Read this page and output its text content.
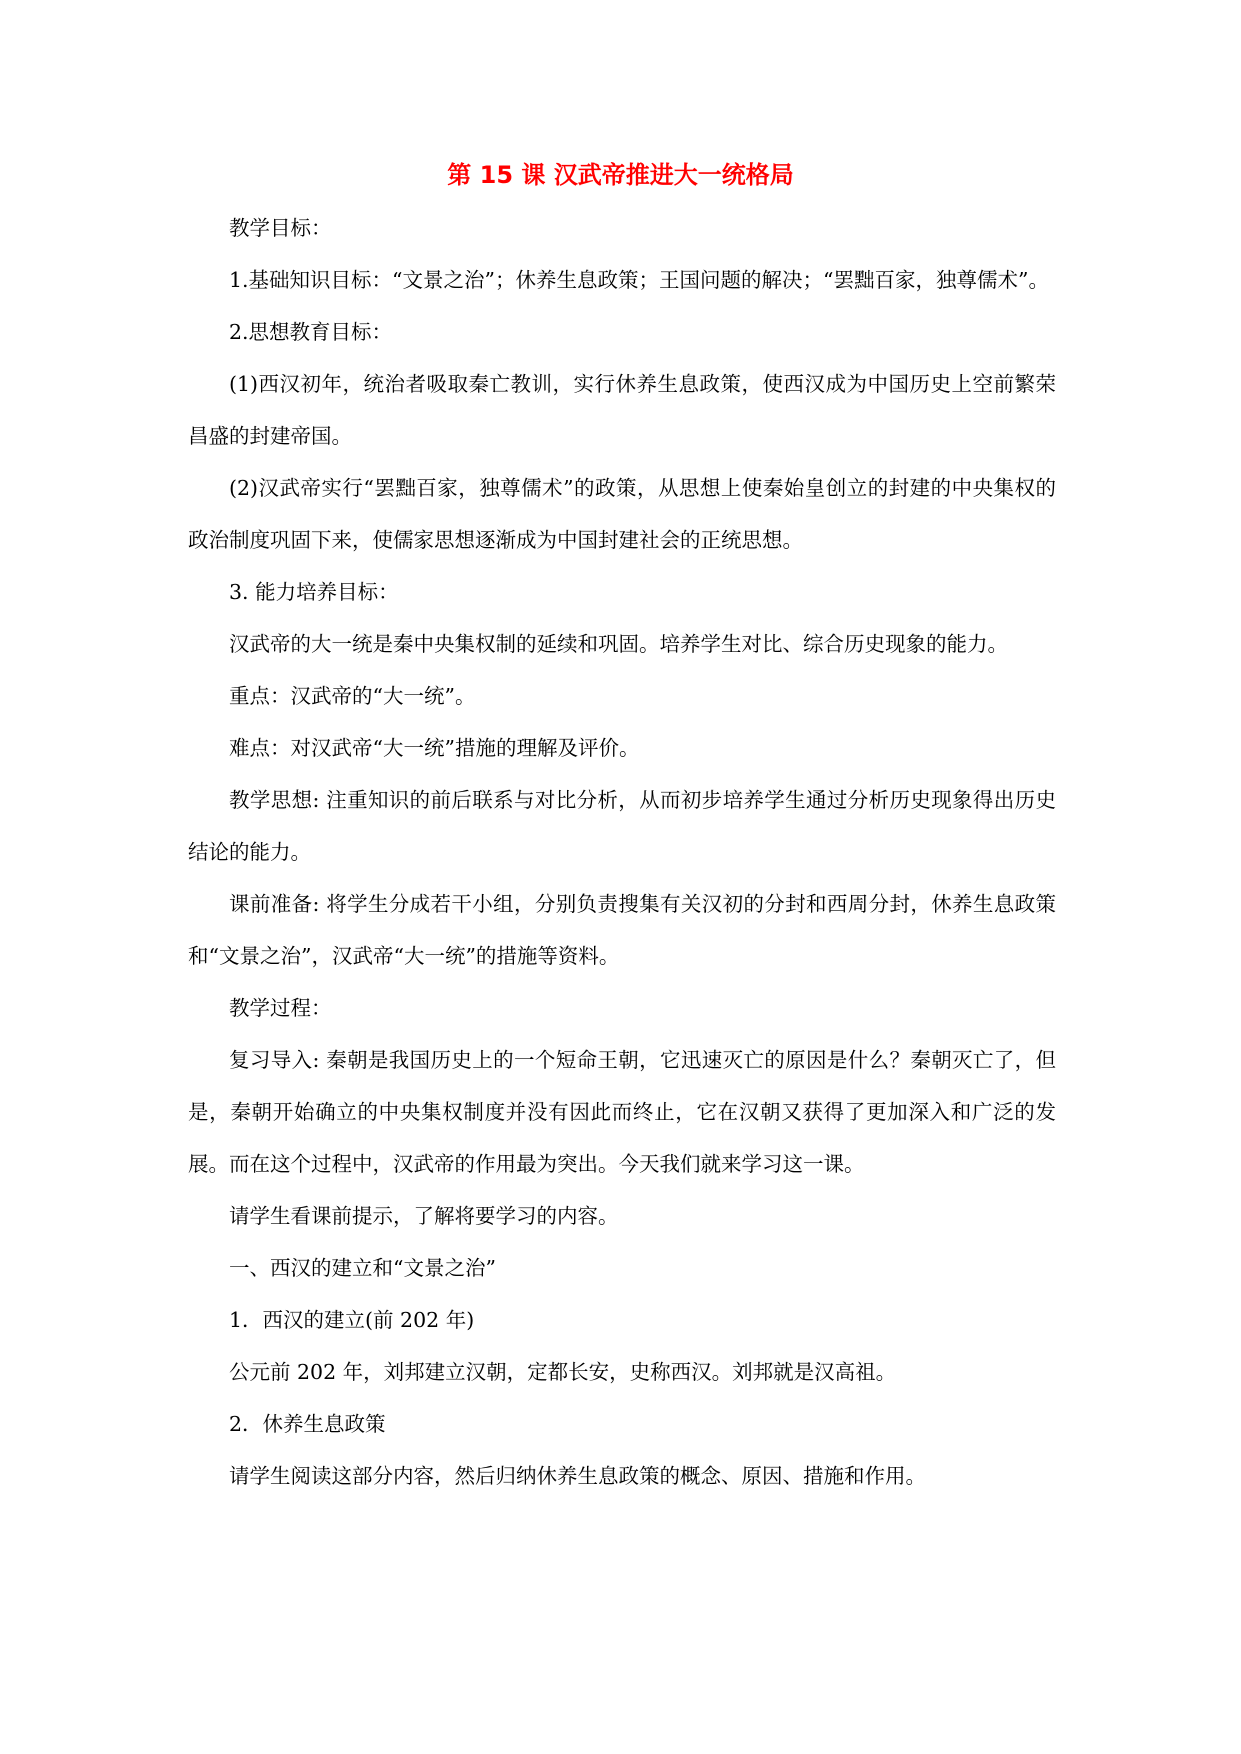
第 15 课 汉武帝推进大一统格局

教学目标：

1.基础知识目标：“文景之治”；休养生息政策；王国问题的解决；“罢黜百家，独尊儒术”。

2.思想教育目标：

(1)西汉初年，统治者吸取秦亡教训，实行休养生息政策，使西汉成为中国历史上空前繁荣昌盛的封建帝国。

(2)汉武帝实行“罢黜百家，独尊儒术”的政策，从思想上使秦始皇创立的封建的中央集权的政治制度巩固下来，使儒家思想逐渐成为中国封建社会的正统思想。

3. 能力培养目标：

汉武帝的大一统是秦中央集权制的延续和巩固。培养学生对比、综合历史现象的能力。

重点：汉武帝的“大一统”。

难点：对汉武帝“大一统”措施的理解及评价。

教学思想: 注重知识的前后联系与对比分析，从而初步培养学生通过分析历史现象得出历史结论的能力。

课前准备: 将学生分成若干小组，分别负责搜集有关汉初的分封和西周分封，休养生息政策和“文景之治”，汉武帝“大一统”的措施等资料。

教学过程：

复习导入: 秦朝是我国历史上的一个短命王朝，它迅速灭亡的原因是什么？秦朝灭亡了，但是，秦朝开始确立的中央集权制度并没有因此而终止，它在汉朝又获得了更加深入和广泛的发展。而在这个过程中，汉武帝的作用最为突出。今天我们就来学习这一课。

请学生看课前提示，了解将要学习的内容。

一、西汉的建立和“文景之治”

1．西汉的建立(前 202 年)

公元前 202 年，刘邦建立汉朝，定都长安，史称西汉。刘邦就是汉高祖。

2．休养生息政策

请学生阅读这部分内容，然后归纳休养生息政策的概念、原因、措施和作用。
